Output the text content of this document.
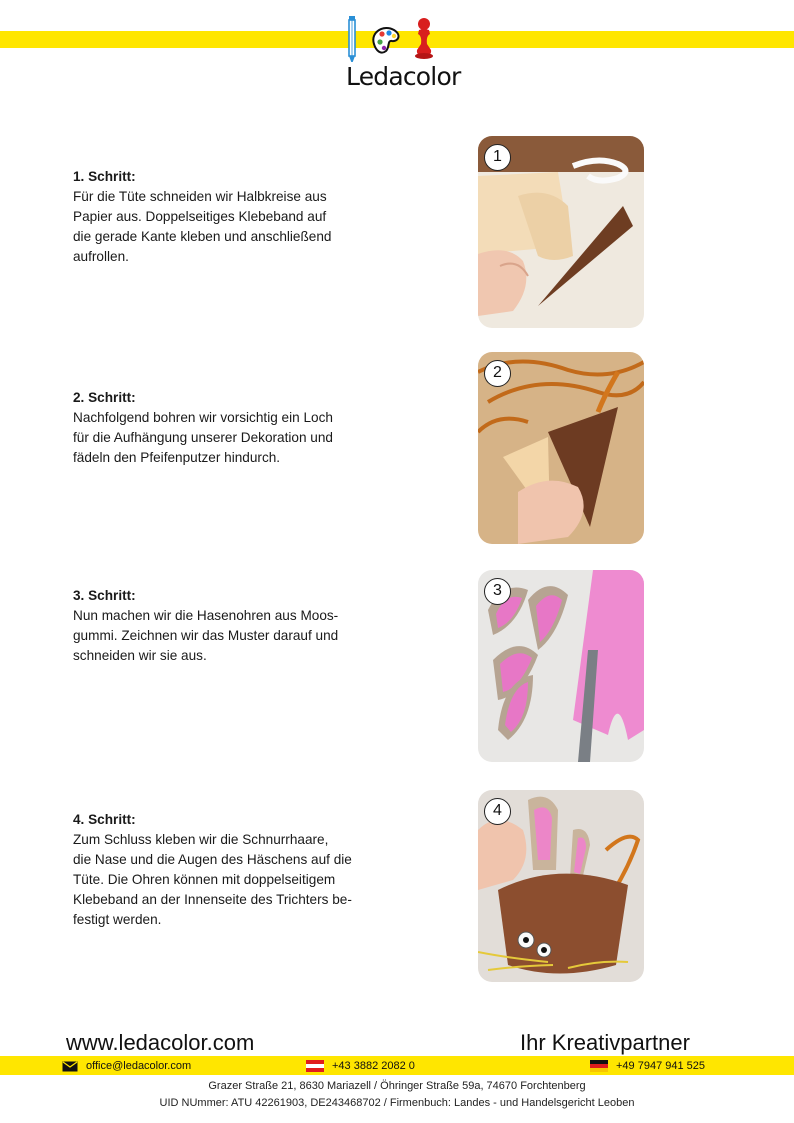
Ledacolor
1. Schritt:
Für die Tüte schneiden wir Halbkreise aus
Papier aus. Doppelseitiges Klebeband auf
die gerade Kante kleben und anschließend
aufrollen.
1
2. Schritt:
Nachfolgend bohren wir vorsichtig ein Loch
für die Aufhängung unserer Dekoration und
fädeln den Pfeifenputzer hindurch.
2
3. Schritt:
Nun machen wir die Hasenohren aus Moos-
gummi. Zeichnen wir das Muster darauf und
schneiden wir sie aus.
3
4. Schritt:
Zum Schluss kleben wir die Schnurrhaare,
die Nase und die Augen des Häschens auf die
Tüte. Die Ohren können mit doppelseitigem
Klebeband an der Innenseite des Trichters be-
festigt werden.
4
www.ledacolor.com	Ihr Kreativpartner
office@ledacolor.com	+43 3882 2082 0	+49 7947 941 525
Grazer Straße 21, 8630 Mariazell / Öhringer Straße 59a, 74670 Forchtenberg
UID NUmmer: ATU 42261903, DE243468702 / Firmenbuch: Landes - und Handelsgericht Leoben
